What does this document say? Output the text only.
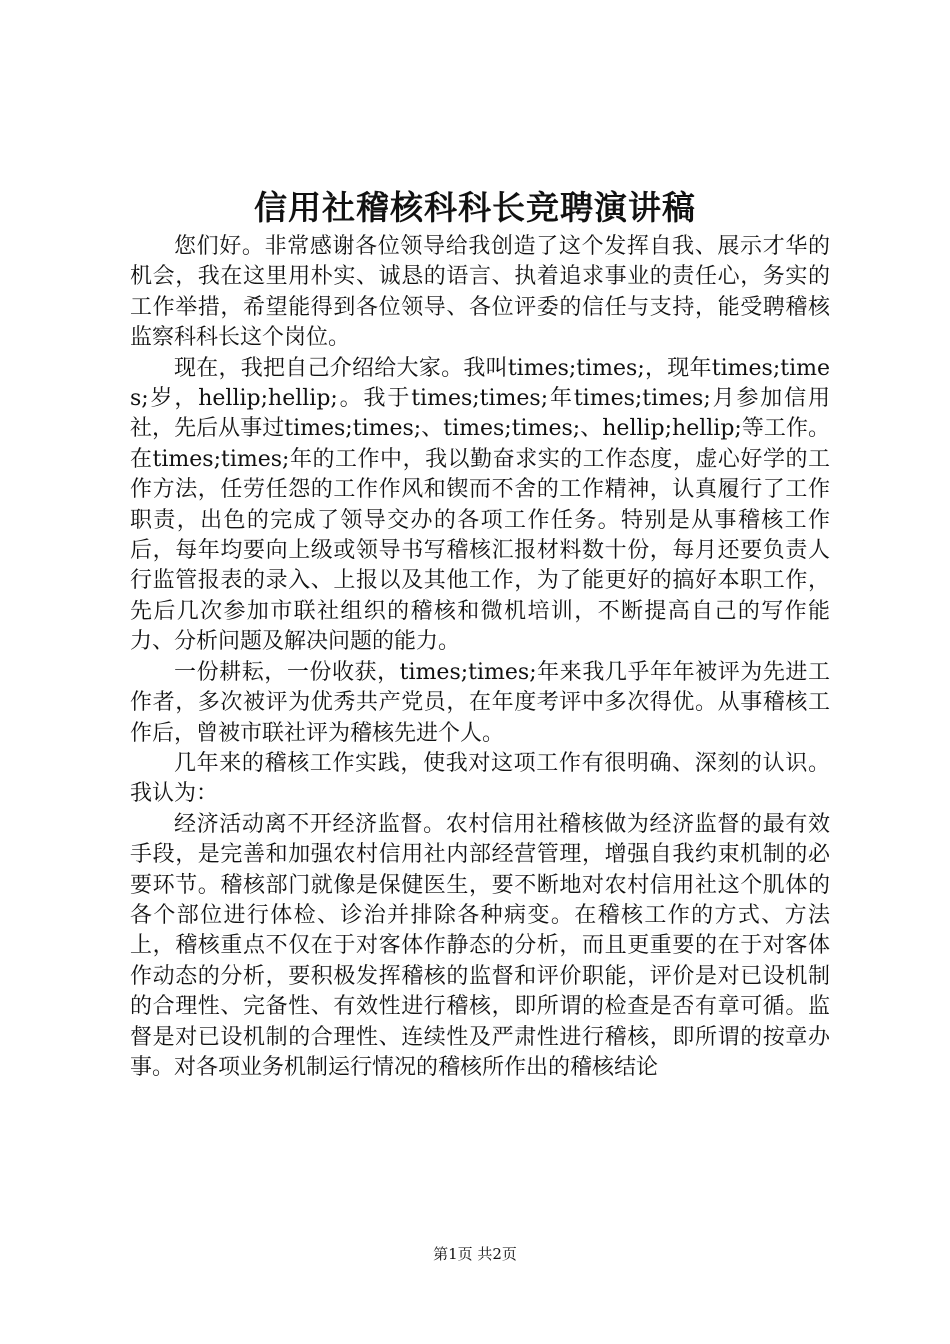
信用社稽核科科长竞聘演讲稿

您们好。非常感谢各位领导给我创造了这个发挥自我、展示才华的机会，我在这里用朴实、诚恳的语言、执着追求事业的责任心，务实的工作举措，希望能得到各位领导、各位评委的信任与支持，能受聘稽核监察科科长这个岗位。

现在，我把自己介绍给大家。我叫times;times;，现年times;times;岁，hellip;hellip;。我于times;times;年times;times;月参加信用社，先后从事过times;times;、times;times;、hellip;hellip;等工作。在times;times;年的工作中，我以勤奋求实的工作态度，虚心好学的工作方法，任劳任怨的工作作风和锲而不舍的工作精神，认真履行了工作职责，出色的完成了领导交办的各项工作任务。特别是从事稽核工作后，每年均要向上级或领导书写稽核汇报材料数十份，每月还要负责人行监管报表的录入、上报以及其他工作，为了能更好的搞好本职工作，先后几次参加市联社组织的稽核和微机培训，不断提高自己的写作能力、分析问题及解决问题的能力。

一份耕耘，一份收获，times;times;年来我几乎年年被评为先进工作者，多次被评为优秀共产党员，在年度考评中多次得优。从事稽核工作后，曾被市联社评为稽核先进个人。

几年来的稽核工作实践，使我对这项工作有很明确、深刻的认识。我认为：

经济活动离不开经济监督。农村信用社稽核做为经济监督的最有效手段，是完善和加强农村信用社内部经营管理，增强自我约束机制的必要环节。稽核部门就像是保健医生，要不断地对农村信用社这个肌体的各个部位进行体检、诊治并排除各种病变。在稽核工作的方式、方法上，稽核重点不仅在于对客体作静态的分析，而且更重要的在于对客体作动态的分析，要积极发挥稽核的监督和评价职能，评价是对已设机制的合理性、完备性、有效性进行稽核，即所谓的检查是否有章可循。监督是对已设机制的合理性、连续性及严肃性进行稽核，即所谓的按章办事。对各项业务机制运行情况的稽核所作出的稽核结论

第1页 共2页
